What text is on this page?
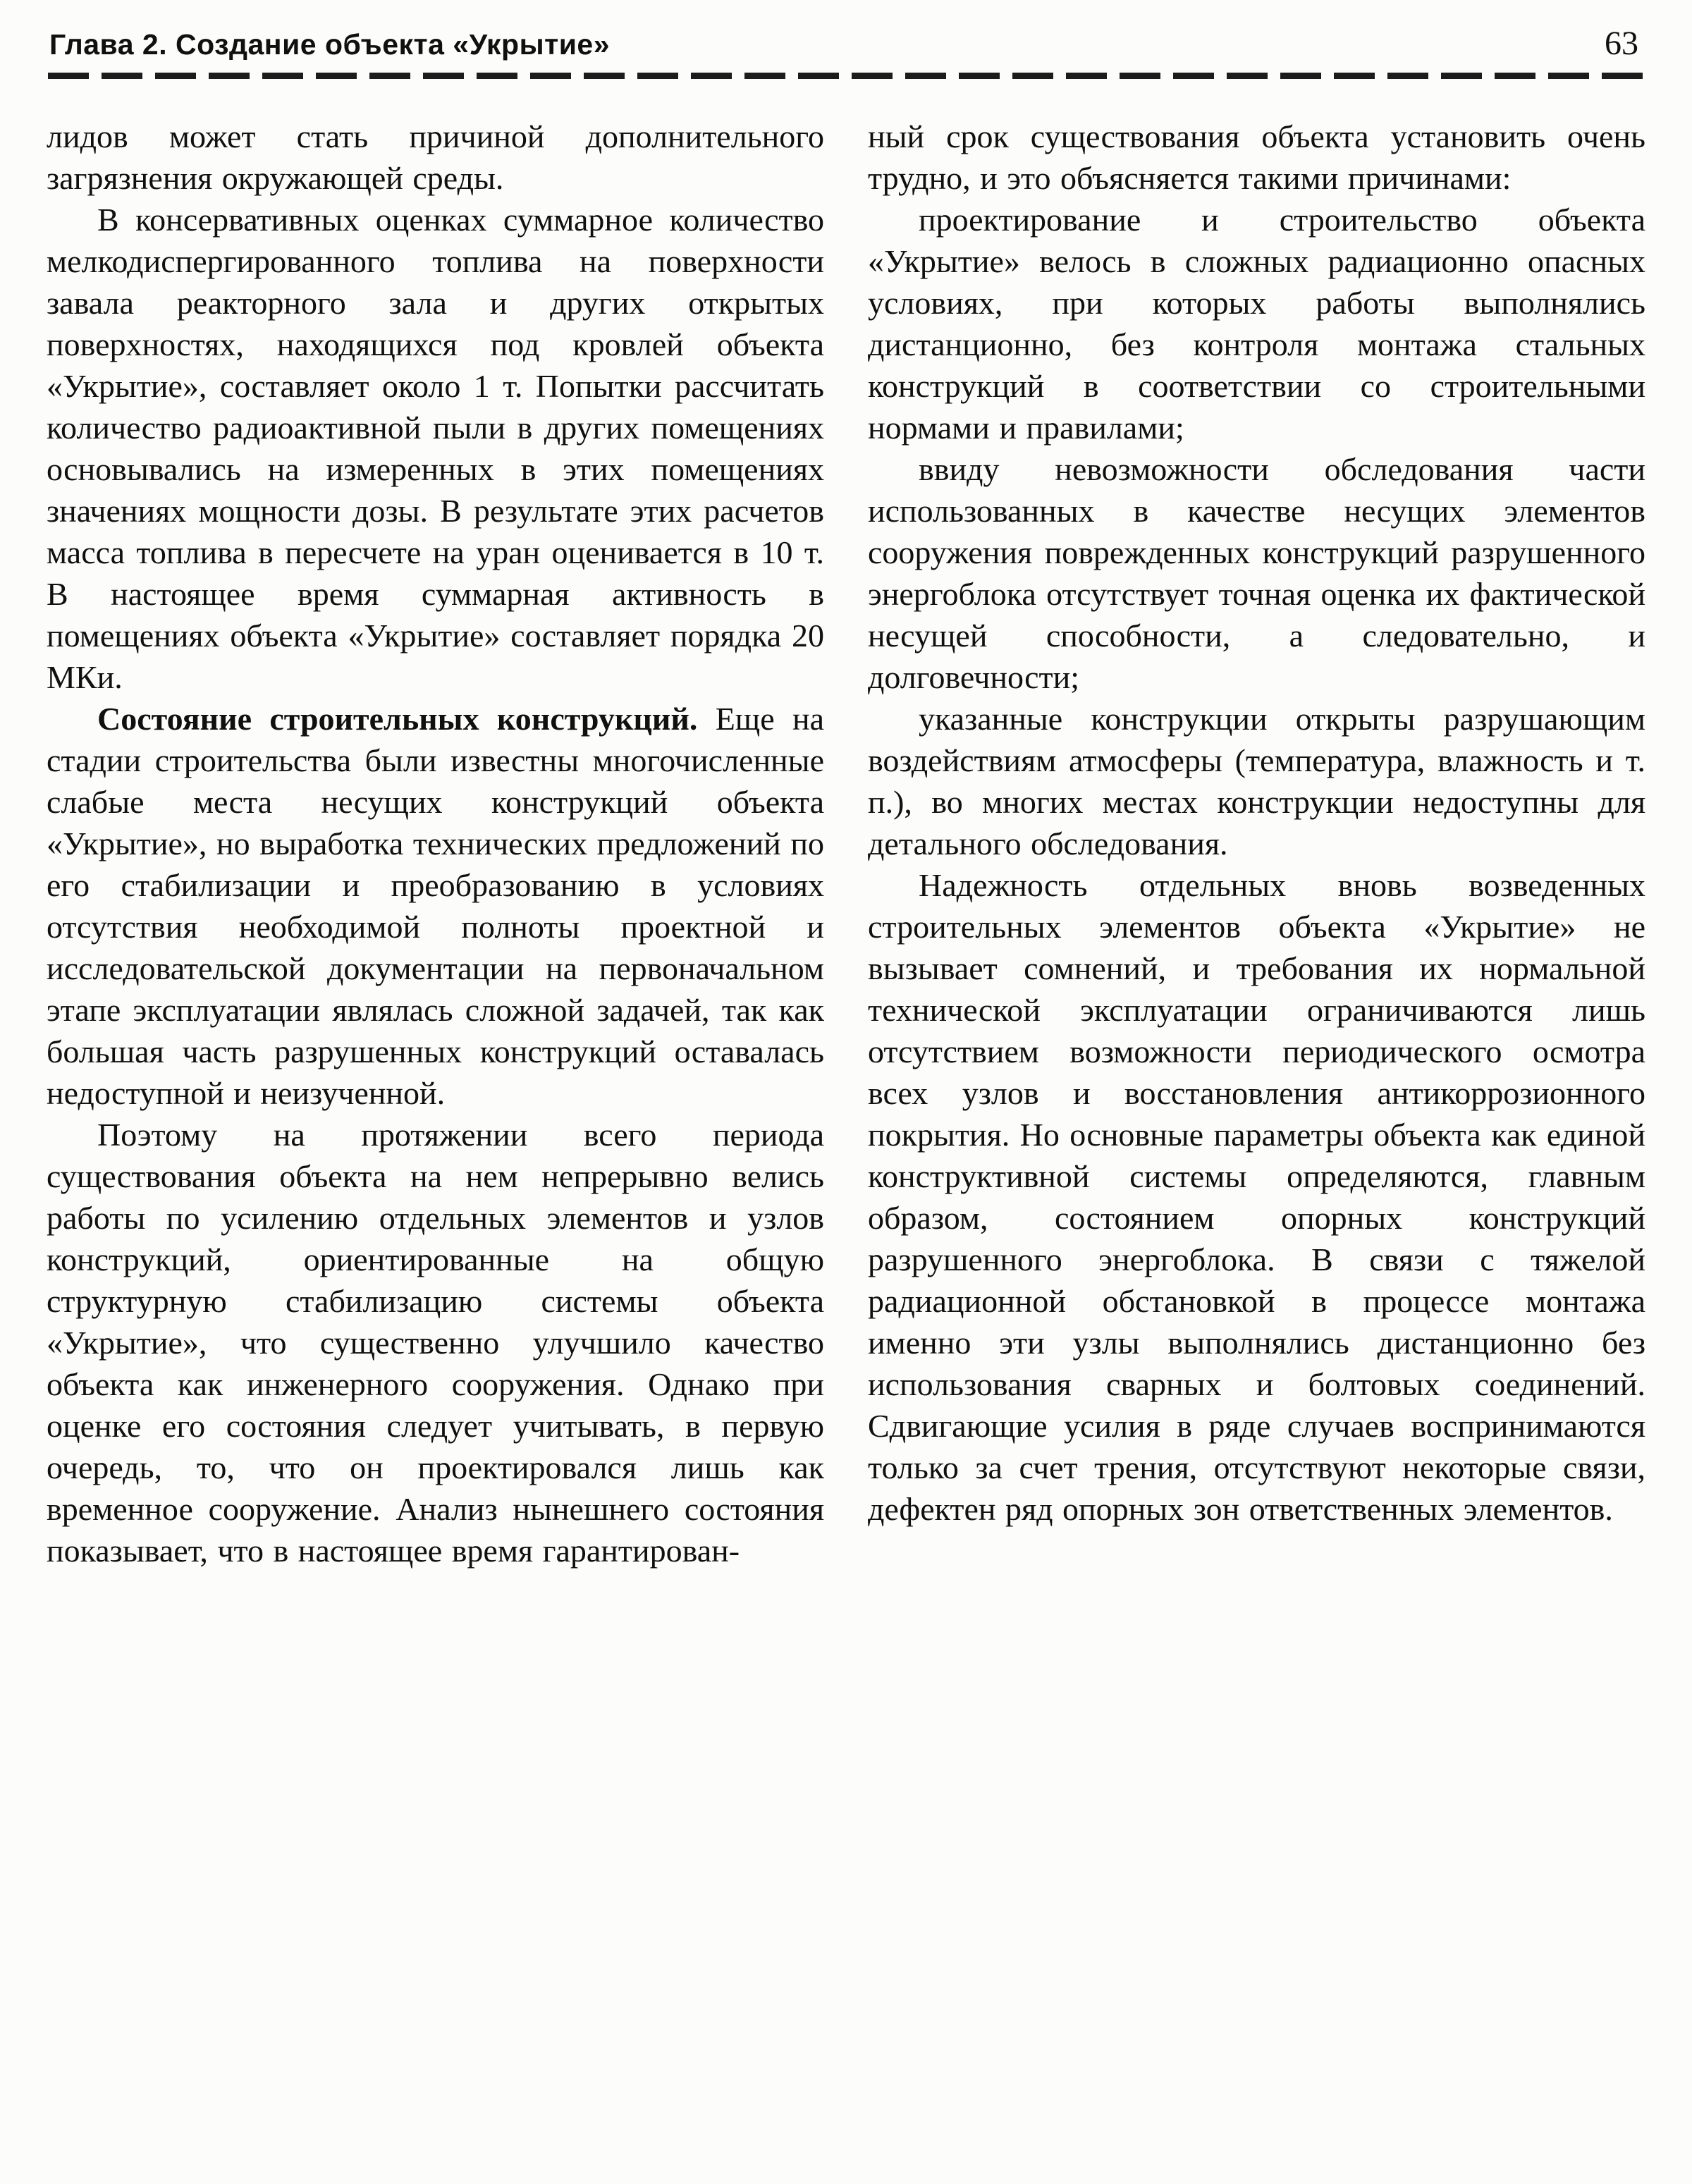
Глава 2. Создание объекта «Укрытие»	63

лидов может стать причиной дополнительного загрязнения окружающей среды.

В консервативных оценках суммарное количество мелкодиспергированного топлива на поверхности завала реакторного зала и других открытых поверхностях, находящихся под кровлей объекта «Укрытие», составляет около 1 т. Попытки рассчитать количество радиоактивной пыли в других помещениях основывались на измеренных в этих помещениях значениях мощности дозы. В результате этих расчетов масса топлива в пересчете на уран оценивается в 10 т. В настоящее время суммарная активность в помещениях объекта «Укрытие» составляет порядка 20 МКи.

Состояние строительных конструкций. Еще на стадии строительства были известны многочисленные слабые места несущих конструкций объекта «Укрытие», но выработка технических предложений по его стабилизации и преобразованию в условиях отсутствия необходимой полноты проектной и исследовательской документации на первоначальном этапе эксплуатации являлась сложной задачей, так как большая часть разрушенных конструкций оставалась недоступной и неизученной.

Поэтому на протяжении всего периода существования объекта на нем непрерывно велись работы по усилению отдельных элементов и узлов конструкций, ориентированные на общую структурную стабилизацию системы объекта «Укрытие», что существенно улучшило качество объекта как инженерного сооружения. Однако при оценке его состояния следует учитывать, в первую очередь, то, что он проектировался лишь как временное сооружение. Анализ нынешнего состояния показывает, что в настоящее время гарантирован-

ный срок существования объекта установить очень трудно, и это объясняется такими причинами:

проектирование и строительство объекта «Укрытие» велось в сложных радиационно опасных условиях, при которых работы выполнялись дистанционно, без контроля монтажа стальных конструкций в соответствии со строительными нормами и правилами;

ввиду невозможности обследования части использованных в качестве несущих элементов сооружения поврежденных конструкций разрушенного энергоблока отсутствует точная оценка их фактической несущей способности, а следовательно, и долговечности;

указанные конструкции открыты разрушающим воздействиям атмосферы (температура, влажность и т. п.), во многих местах конструкции недоступны для детального обследования.

Надежность отдельных вновь возведенных строительных элементов объекта «Укрытие» не вызывает сомнений, и требования их нормальной технической эксплуатации ограничиваются лишь отсутствием возможности периодического осмотра всех узлов и восстановления антикоррозионного покрытия. Но основные параметры объекта как единой конструктивной системы определяются, главным образом, состоянием опорных конструкций разрушенного энергоблока. В связи с тяжелой радиационной обстановкой в процессе монтажа именно эти узлы выполнялись дистанционно без использования сварных и болтовых соединений. Сдвигающие усилия в ряде случаев воспринимаются только за счет трения, отсутствуют некоторые связи, дефектен ряд опорных зон ответственных элементов.
